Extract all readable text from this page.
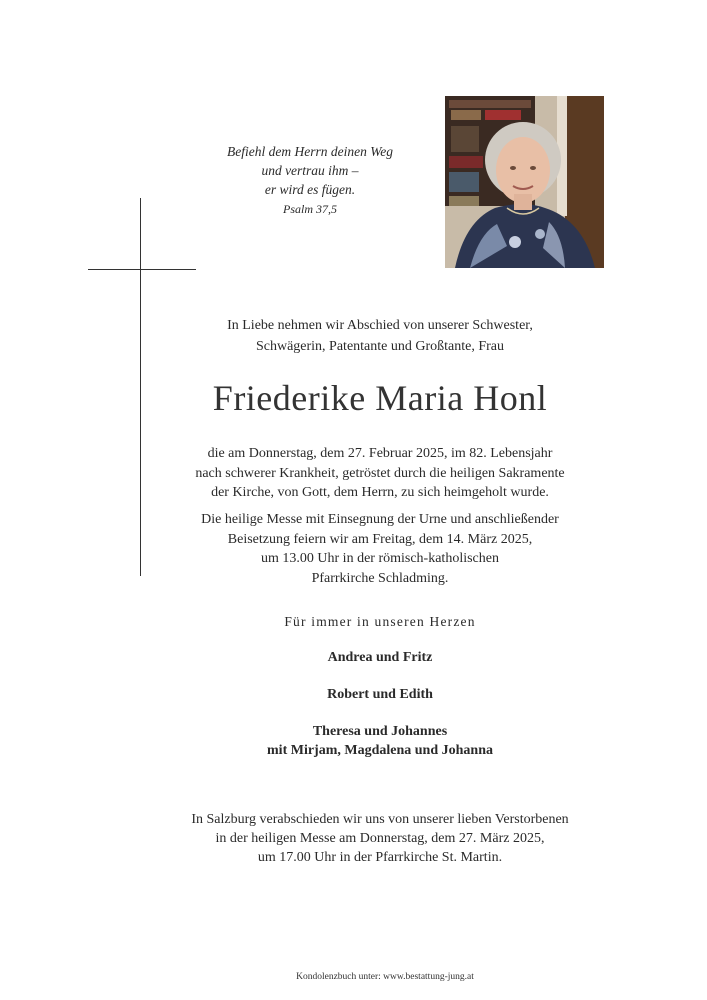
Befiehl dem Herrn deinen Weg
und vertrau ihm –
er wird es fügen.
Psalm 37,5
In Liebe nehmen wir Abschied von unserer Schwester,
Schwägerin, Patentante und Großtante, Frau
Friederike Maria Honl
die am Donnerstag, dem 27. Februar 2025, im 82. Lebensjahr
nach schwerer Krankheit, getröstet durch die heiligen Sakramente
der Kirche, von Gott, dem Herrn, zu sich heimgeholt wurde.
Die heilige Messe mit Einsegnung der Urne und anschließender
Beisetzung feiern wir am Freitag, dem 14. März 2025,
um 13.00 Uhr in der römisch-katholischen
Pfarrkirche Schladming.
Für immer in unseren Herzen
Andrea und Fritz
Robert und Edith
Theresa und Johannes
mit Mirjam, Magdalena und Johanna
In Salzburg verabschieden wir uns von unserer lieben Verstorbenen
in der heiligen Messe am Donnerstag, dem 27. März 2025,
um 17.00 Uhr in der Pfarrkirche St. Martin.
Kondolenzbuch unter: www.bestattung-jung.at
